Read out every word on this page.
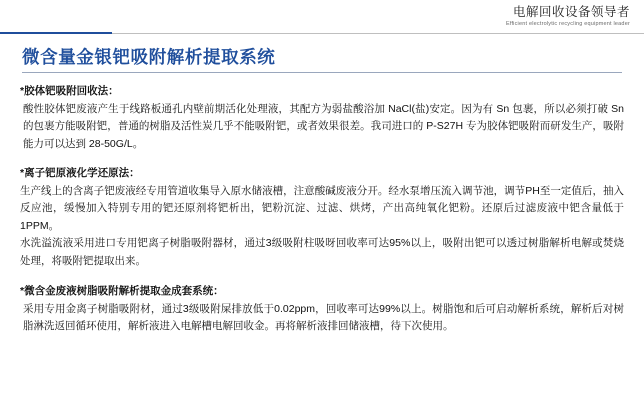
电解回收设备领导者
Efficient electrolytic recycling equipment leader
微含量金银钯吸附解析提取系统
*胶体钯吸附回收法：

酸性胶体钯废液产生于线路板通孔内壁前期活化处理液，其配方为弱盐酸浴加 NaCl(盐)安定。因为有 Sn 包裹，所以必须打破 Sn 的包裹方能吸附钯，普通的树脂及活性炭几乎不能吸附钯，或者效果很差。我司进口的 P-S27H 专为胶体钯吸附而研发生产，吸附能力可以达到 28-50G/L。

*离子钯原液化学还原法：

生产线上的含离子钯废液经专用管道收集导入原水储液槽，注意酸碱废液分开。经水泵增压流入调节池，调节PH至一定值后，抽入反应池，缓慢加入特别专用的钯还原剂将钯析出，钯粉沉淀、过滤、烘烤，产出高纯氧化钯粉。还原后过滤废液中钯含量低于1PPM。

水洗溢流液采用进口专用钯离子树脂吸附器材，通过3级吸附柱吸呀回收率可达95%以上，吸附出钯可以透过树脂解析电解或焚烧处理，将吸附钯提取出来。

*微含金废液树脂吸附解析提取金成套系统：

采用专用金离子树脂吸附材，通过3级吸附屎排放低于0.02ppm，回收率可达99%以上。树脂饱和后可启动解析系统，解析后对树脂淋洗返回循环使用，解析液进入电解槽电解回收金。再将解析液排回储液槽，待下次使用。
